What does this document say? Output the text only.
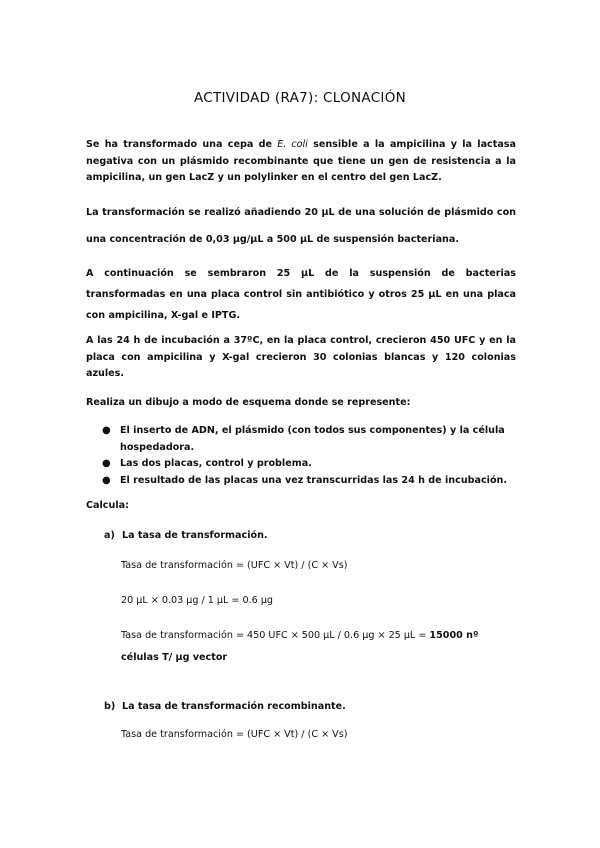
ACTIVIDAD (RA7): CLONACIÓN
Se ha transformado una cepa de E. coli sensible a la ampicilina y la lactasa negativa con un plásmido recombinante que tiene un gen de resistencia a la ampicilina, un gen LacZ y un polylinker en el centro del gen LacZ.
La transformación se realizó añadiendo 20 µL de una solución de plásmido con una concentración de 0,03 µg/µL a 500 µL de suspensión bacteriana.
A continuación se sembraron 25 µL de la suspensión de bacterias transformadas en una placa control sin antibiótico y otros 25 µL en una placa con ampicilina, X-gal e IPTG.
A las 24 h de incubación a 37ºC, en la placa control, crecieron 450 UFC y en la placa con ampicilina y X-gal crecieron 30 colonias blancas y 120 colonias azules.
Realiza un dibujo a modo de esquema donde se represente:
● El inserto de ADN, el plásmido (con todos sus componentes) y la célula hospedadora.
● Las dos placas, control y problema.
● El resultado de las placas una vez transcurridas las 24 h de incubación.
Calcula:
a) La tasa de transformación.
Tasa de transformación = (UFC × Vt) / (C × Vs)
20 µL × 0.03 µg / 1 µL = 0.6 µg
Tasa de transformación = 450 UFC × 500 µL / 0.6 µg × 25 µL = 15000 nº
células T/ µg vector
b) La tasa de transformación recombinante.
Tasa de transformación = (UFC × Vt) / (C × Vs)
